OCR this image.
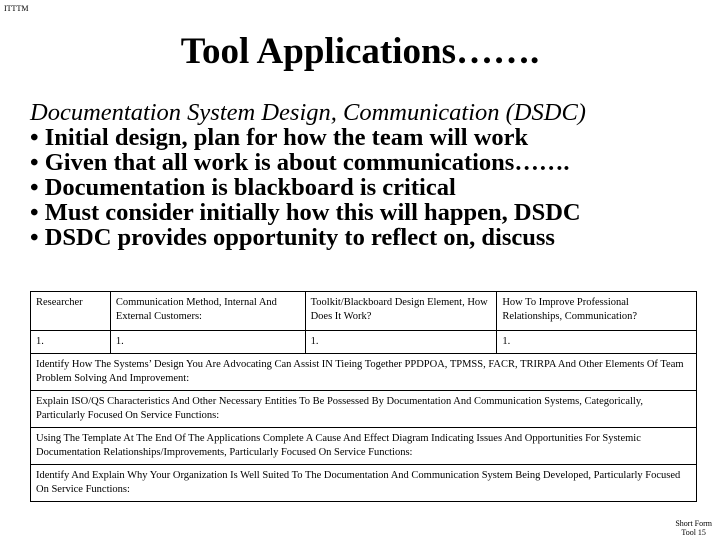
ITTTM
Tool Applications…….
Documentation System Design, Communication (DSDC)
• Initial design, plan for how the team will work
• Given that all work is about communications…….
• Documentation is blackboard is critical
• Must consider initially how this will happen, DSDC
• DSDC provides opportunity to reflect on, discuss
Researcher	Communication Method, Internal And External Customers:	Toolkit/Blackboard Design Element, How Does It Work?	How To Improve Professional Relationships, Communication?
1.	1.	1.	1.
Identify How The Systems’ Design You Are Advocating Can Assist IN Tieing Together PPDPOA, TPMSS, FACR, TRIRPA And Other Elements Of Team Problem Solving And Improvement:			
Explain ISO/QS Characteristics And Other Necessary Entities To Be Possessed By Documentation And Communication Systems, Categorically, Particularly Focused On Service Functions:			
Using The Template At The End Of The Applications Complete A Cause And Effect Diagram Indicating Issues And Opportunities For Systemic Documentation Relationships/Improvements, Particularly Focused On Service Functions:			
Identify And Explain Why Your Organization Is Well Suited To The Documentation And Communication System Being Developed, Particularly Focused On Service Functions:			
Short Form
Tool 15
